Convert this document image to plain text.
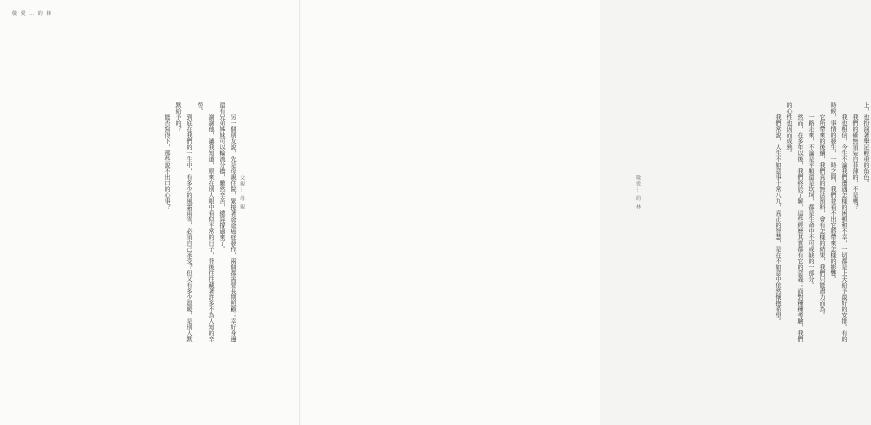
敬 愛 … 的 林

另一個朋友說，先是母親住院，緊接著爸爸癌症發作，兩個都需要長期照顧；幸好身邊還有兄弟姊妹可以輪流分擔，雖然辛苦，總算撐過來了。

謝謝他，讓我知道，原來在別人眼中看似平常的日子，背後往往藏著許多不為人知的辛勞。

到底在我們的一生中，有多少的風霜雨雪，必須自己承受？但又有多少溫暖，是別人默默給予的？

能否寫得下，那些說不出口的心事？	父親… 母 親	敬愛… 的 林

上，也扮演著舉足輕重的角色。

我們的確無須妄自菲薄的，不是嗎？

我也相信，今生不論我們遭遇怎樣的困頓和不幸，一切都是上天給予最好的安排。有的時候，事情的發生，一時之間，我們並看不出它將帶來怎樣的影響。

它所帶來的後續，我們真的無法預料，會有怎樣的結果，我們只能盡力而為。

一路走來，不論是平順還是坎坷，都是生命中不可或缺的一部分。

然而，在多年以後，我們終於了解，這些經歷其實都有它的意義；面對種種考驗，我們的心性也因而成熟。

我們常說，人生不如意事十常八九，真正的智慧，是在不如意中依然懷抱希望。
